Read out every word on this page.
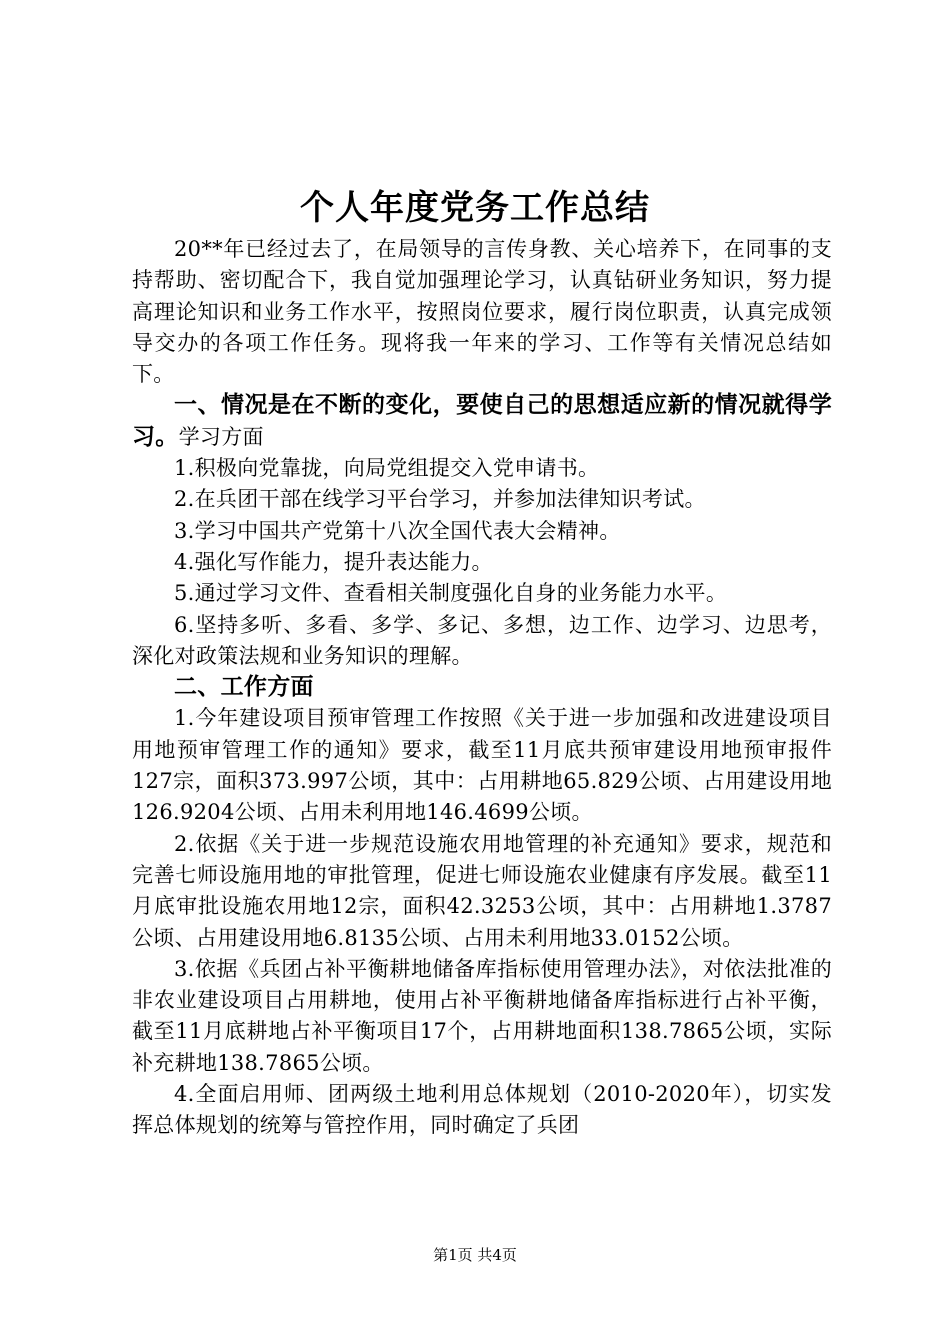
个人年度党务工作总结

20**年已经过去了，在局领导的言传身教、关心培养下，在同事的支持帮助、密切配合下，我自觉加强理论学习，认真钻研业务知识，努力提高理论知识和业务工作水平，按照岗位要求，履行岗位职责，认真完成领导交办的各项工作任务。现将我一年来的学习、工作等有关情况总结如下。

一、情况是在不断的变化，要使自己的思想适应新的情况就得学习。学习方面

1.积极向党靠拢，向局党组提交入党申请书。

2.在兵团干部在线学习平台学习，并参加法律知识考试。

3.学习中国共产党第十八次全国代表大会精神。

4.强化写作能力，提升表达能力。

5.通过学习文件、查看相关制度强化自身的业务能力水平。

6.坚持多听、多看、多学、多记、多想，边工作、边学习、边思考，深化对政策法规和业务知识的理解。

二、工作方面

1.今年建设项目预审管理工作按照《关于进一步加强和改进建设项目用地预审管理工作的通知》要求，截至11月底共预审建设用地预审报件127宗，面积373.997公顷，其中：占用耕地65.829公顷、占用建设用地126.9204公顷、占用未利用地146.4699公顷。

2.依据《关于进一步规范设施农用地管理的补充通知》要求，规范和完善七师设施用地的审批管理，促进七师设施农业健康有序发展。截至11月底审批设施农用地12宗，面积42.3253公顷，其中：占用耕地1.3787公顷、占用建设用地6.8135公顷、占用未利用地33.0152公顷。

3.依据《兵团占补平衡耕地储备库指标使用管理办法》，对依法批准的非农业建设项目占用耕地，使用占补平衡耕地储备库指标进行占补平衡，截至11月底耕地占补平衡项目17个，占用耕地面积138.7865公顷，实际补充耕地138.7865公顷。

4.全面启用师、团两级土地利用总体规划（2010-2020年），切实发挥总体规划的统筹与管控作用，同时确定了兵团

第1页 共4页
